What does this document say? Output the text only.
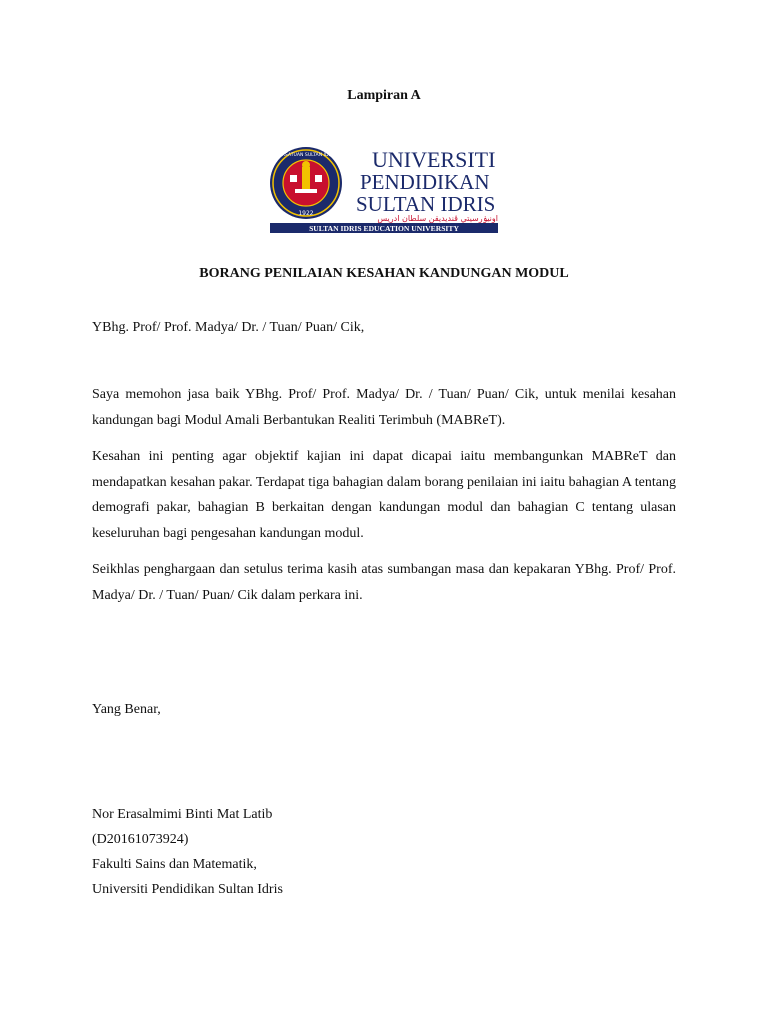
Lampiran A
1922
PERSATUAN SULTAN IDRIS UNIVERSITI
PENDIDIKAN
SULTAN IDRIS
اونيۏرسيتي ڤنديديقن سلطان ادريس
SULTAN IDRIS EDUCATION UNIVERSITY
BORANG PENILAIAN KESAHAN KANDUNGAN MODUL

YBhg. Prof/ Prof. Madya/ Dr. / Tuan/ Puan/ Cik,

Saya memohon jasa baik YBhg. Prof/ Prof. Madya/ Dr. / Tuan/ Puan/ Cik, untuk menilai kesahan kandungan bagi Modul Amali Berbantukan Realiti Terimbuh (MABReT).

Kesahan ini penting agar objektif kajian ini dapat dicapai iaitu membangunkan MABReT dan mendapatkan kesahan pakar. Terdapat tiga bahagian dalam borang penilaian ini iaitu bahagian A tentang demografi pakar, bahagian B berkaitan dengan kandungan modul dan bahagian C tentang ulasan keseluruhan bagi pengesahan kandungan modul.

Seikhlas penghargaan dan setulus terima kasih atas sumbangan masa dan kepakaran YBhg. Prof/ Prof. Madya/ Dr. / Tuan/ Puan/ Cik dalam perkara ini.

Yang Benar,

Nor Erasalmimi Binti Mat Latib
(D20161073924)
Fakulti Sains dan Matematik,
Universiti Pendidikan Sultan Idris
